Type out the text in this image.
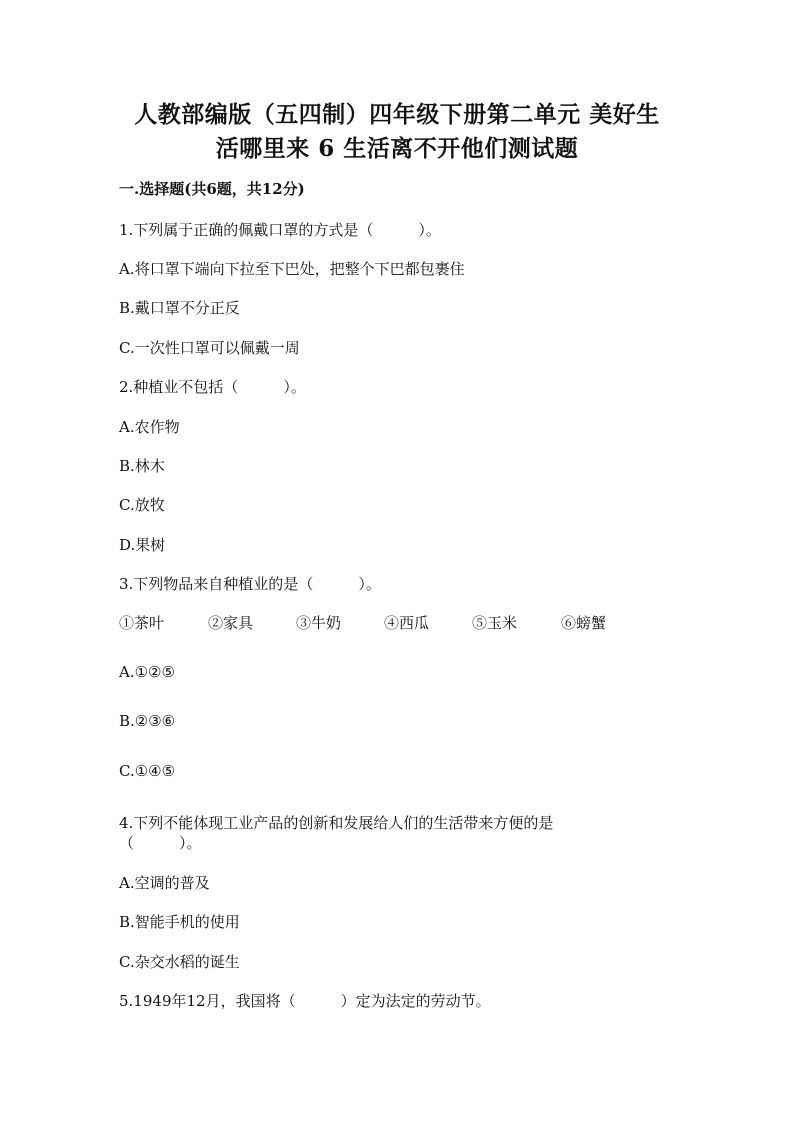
人教部编版（五四制）四年级下册第二单元 美好生
活哪里来 6 生活离不开他们测试题

一.选择题(共6题，共12分)

1.下列属于正确的佩戴口罩的方式是（　　　）。

A.将口罩下端向下拉至下巴处，把整个下巴都包裹住

B.戴口罩不分正反

C.一次性口罩可以佩戴一周

2.种植业不包括（　　　）。

A.农作物

B.林木

C.放牧

D.果树

3.下列物品来自种植业的是（　　　）。

①茶叶	②家具	③牛奶	④西瓜	⑤玉米	⑥螃蟹

A.①②⑤

B.②③⑥

C.①④⑤

4.下列不能体现工业产品的创新和发展给人们的生活带来方便的是

（　　　）。

A.空调的普及

B.智能手机的使用

C.杂交水稻的诞生

5.1949年12月，我国将（　　　）定为法定的劳动节。
